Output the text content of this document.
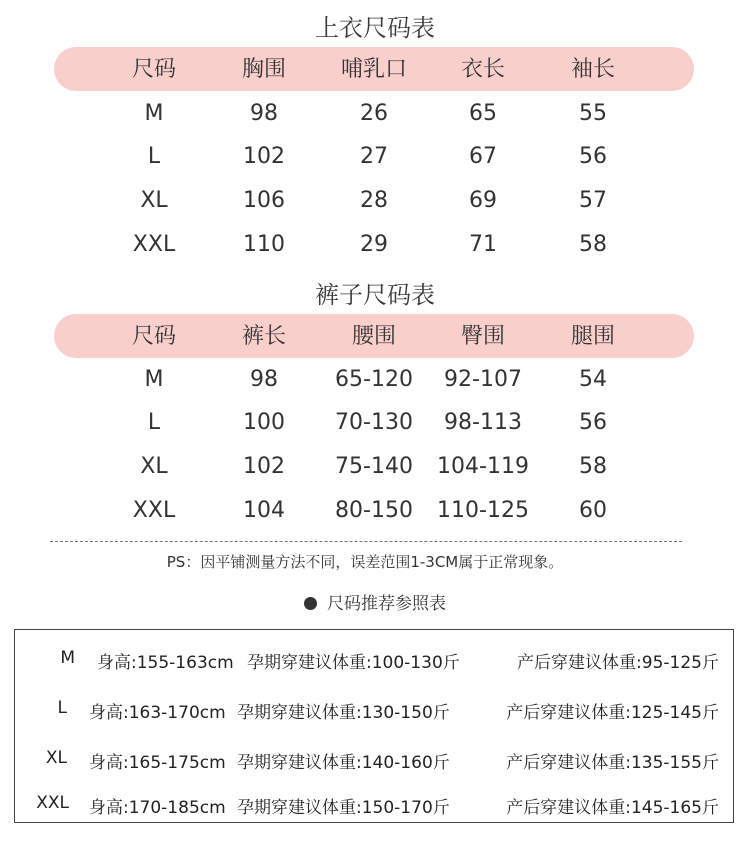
上衣尺码表
尺码	胸围	哺乳口	衣长	袖长
M	98	26	65	55
L	102	27	67	56
XL	106	28	69	57
XXL	110	29	71	58
裤子尺码表
尺码	裤长	腰围	臀围	腿围
M	98	65-120	92-107	54
L	100	70-130	98-113	56
XL	102	75-140	104-119	58
XXL	104	80-150	110-125	60
PS：因平铺测量方法不同，误差范围1-3CM属于正常现象。
尺码推荐参照表
M 身高:155-163cm 孕期穿建议体重:100-130斤	产后穿建议体重:95-125斤
L 身高:163-170cm 孕期穿建议体重:130-150斤	产后穿建议体重:125-145斤
XL 身高:165-175cm 孕期穿建议体重:140-160斤	产后穿建议体重:135-155斤
XXL 身高:170-185cm 孕期穿建议体重:150-170斤	产后穿建议体重:145-165斤
